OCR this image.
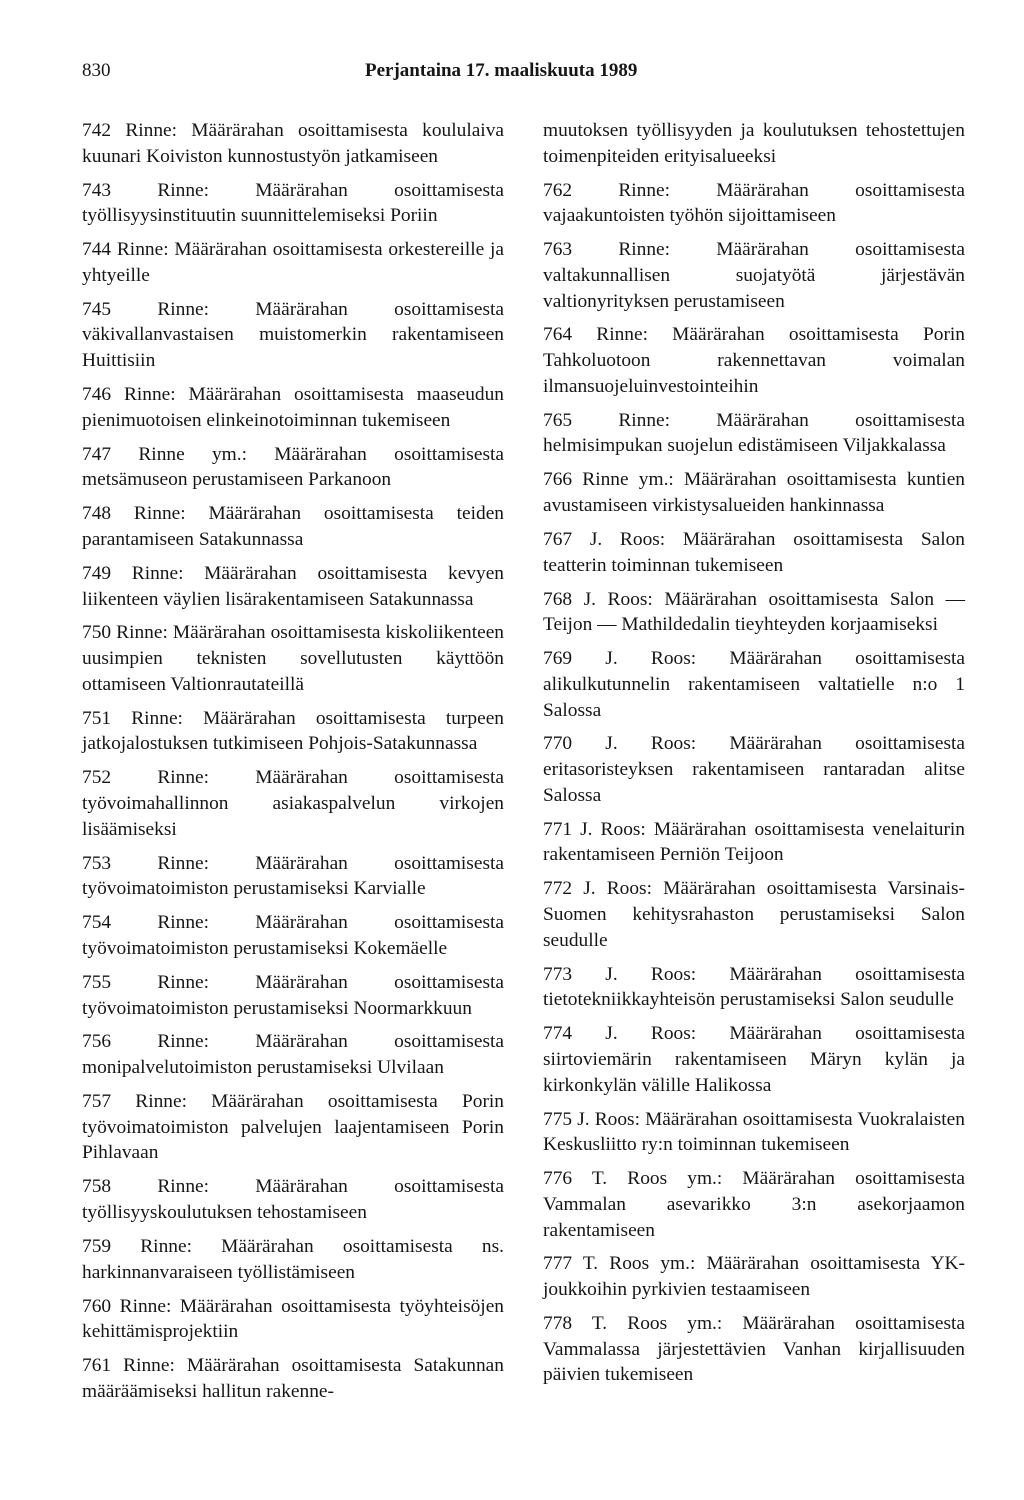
830	Perjantaina 17. maaliskuuta 1989

742 Rinne: Määrärahan osoittamisesta koululaiva kuunari Koiviston kunnostustyön jatkamiseen

743 Rinne: Määrärahan osoittamisesta työllisyysinstituutin suunnittelemiseksi Poriin

744 Rinne: Määrärahan osoittamisesta orkestereille ja yhtyeille

745 Rinne: Määrärahan osoittamisesta väkivallanvastaisen muistomerkin rakentamiseen Huittisiin

746 Rinne: Määrärahan osoittamisesta maaseudun pienimuotoisen elinkeinotoiminnan tukemiseen

747 Rinne ym.: Määrärahan osoittamisesta metsämuseon perustamiseen Parkanoon

748 Rinne: Määrärahan osoittamisesta teiden parantamiseen Satakunnassa

749 Rinne: Määrärahan osoittamisesta kevyen liikenteen väylien lisärakentamiseen Satakunnassa

750 Rinne: Määrärahan osoittamisesta kiskoliikenteen uusimpien teknisten sovellutusten käyttöön ottamiseen Valtionrautateillä

751 Rinne: Määrärahan osoittamisesta turpeen jatkojalostuksen tutkimiseen Pohjois-Satakunnassa

752 Rinne: Määrärahan osoittamisesta työvoimahallinnon asiakaspalvelun virkojen lisäämiseksi

753 Rinne: Määrärahan osoittamisesta työvoimatoimiston perustamiseksi Karvialle

754 Rinne: Määrärahan osoittamisesta työvoimatoimiston perustamiseksi Kokemäelle

755 Rinne: Määrärahan osoittamisesta työvoimatoimiston perustamiseksi Noormarkkuun

756 Rinne: Määrärahan osoittamisesta monipalvelutoimiston perustamiseksi Ulvilaan

757 Rinne: Määrärahan osoittamisesta Porin työvoimatoimiston palvelujen laajentamiseen Porin Pihlavaan

758 Rinne: Määrärahan osoittamisesta työllisyyskoulutuksen tehostamiseen

759 Rinne: Määrärahan osoittamisesta ns. harkinnanvaraiseen työllistämiseen

760 Rinne: Määrärahan osoittamisesta työyhteisöjen kehittämisprojektiin

761 Rinne: Määrärahan osoittamisesta Satakunnan määräämiseksi hallitun rakenne-

muutoksen työllisyyden ja koulutuksen tehostettujen toimenpiteiden erityisalueeksi

762 Rinne: Määrärahan osoittamisesta vajaakuntoisten työhön sijoittamiseen

763 Rinne: Määrärahan osoittamisesta valtakunnallisen suojatyötä järjestävän valtionyrityksen perustamiseen

764 Rinne: Määrärahan osoittamisesta Porin Tahkoluotoon rakennettavan voimalan ilmansuojeluinvestointeihin

765 Rinne: Määrärahan osoittamisesta helmisimpukan suojelun edistämiseen Viljakkalassa

766 Rinne ym.: Määrärahan osoittamisesta kuntien avustamiseen virkistysalueiden hankinnassa

767 J. Roos: Määrärahan osoittamisesta Salon teatterin toiminnan tukemiseen

768 J. Roos: Määrärahan osoittamisesta Salon — Teijon — Mathildedalin tieyhteyden korjaamiseksi

769 J. Roos: Määrärahan osoittamisesta alikulkutunnelin rakentamiseen valtatielle n:o 1 Salossa

770 J. Roos: Määrärahan osoittamisesta eritasoristeyksen rakentamiseen rantaradan alitse Salossa

771 J. Roos: Määrärahan osoittamisesta venelaiturin rakentamiseen Perniön Teijoon

772 J. Roos: Määrärahan osoittamisesta Varsinais-Suomen kehitysrahaston perustamiseksi Salon seudulle

773 J. Roos: Määrärahan osoittamisesta tietotekniikkayhteisön perustamiseksi Salon seudulle

774 J. Roos: Määrärahan osoittamisesta siirtoviemärin rakentamiseen Märyn kylän ja kirkonkylän välille Halikossa

775 J. Roos: Määrärahan osoittamisesta Vuokralaisten Keskusliitto ry:n toiminnan tukemiseen

776 T. Roos ym.: Määrärahan osoittamisesta Vammalan asevarikko 3:n asekorjaamon rakentamiseen

777 T. Roos ym.: Määrärahan osoittamisesta YK-joukkoihin pyrkivien testaamiseen

778 T. Roos ym.: Määrärahan osoittamisesta Vammalassa järjestettävien Vanhan kirjallisuuden päivien tukemiseen
